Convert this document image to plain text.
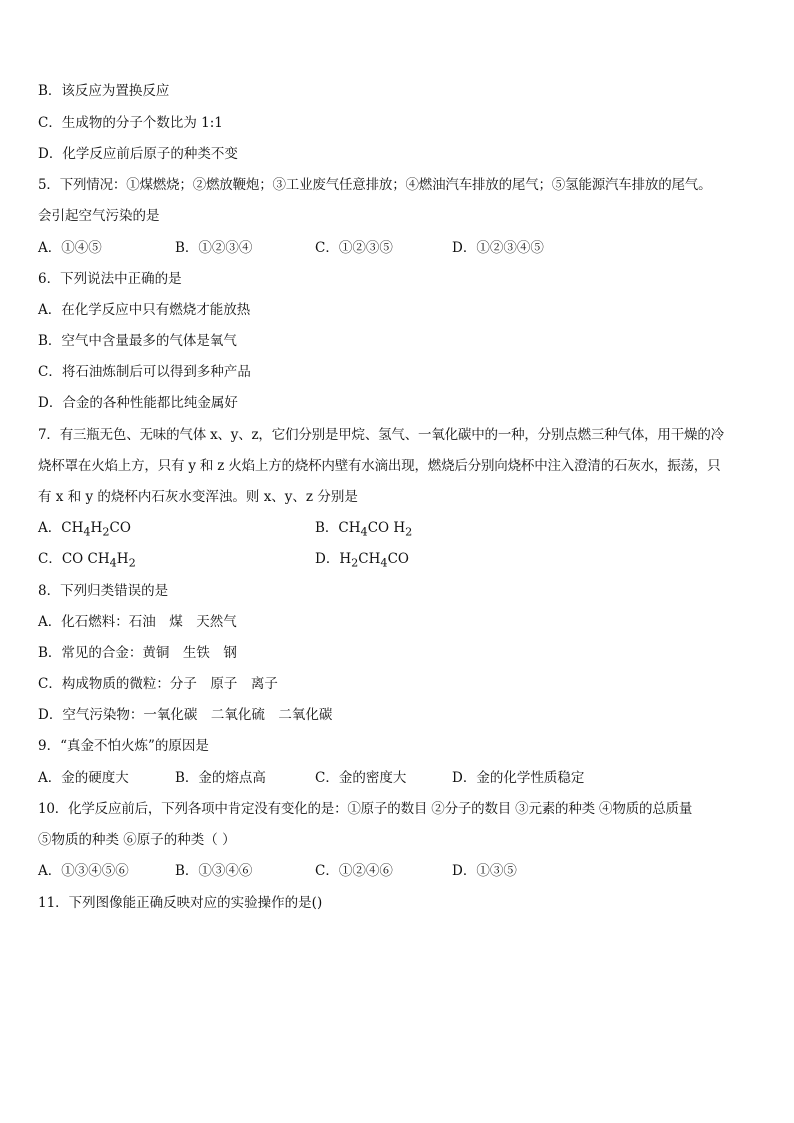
B．该反应为置换反应
C．生成物的分子个数比为 1:1
D．化学反应前后原子的种类不变
5．下列情况：①煤燃烧；②燃放鞭炮；③工业废气任意排放；④燃油汽车排放的尾气；⑤氢能源汽车排放的尾气。
会引起空气污染的是
A．①④⑤	B．①②③④	C．①②③⑤	D．①②③④⑤
6．下列说法中正确的是
A．在化学反应中只有燃烧才能放热
B．空气中含量最多的气体是氧气
C．将石油炼制后可以得到多种产品
D．合金的各种性能都比纯金属好
7．有三瓶无色、无味的气体 x、y、z，它们分别是甲烷、氢气、一氧化碳中的一种，分别点燃三种气体，用干燥的冷
烧杯罩在火焰上方，只有 y 和 z 火焰上方的烧杯内壁有水滴出现，燃烧后分别向烧杯中注入澄清的石灰水，振荡，只
有 x 和 y 的烧杯内石灰水变浑浊。则 x、y、z 分别是
A．$CH_4H_2CO$	B．$CH_4CO$ $H_2$
C．CO $CH_4H_2$	D．$H_2CH_4CO$
8．下列归类错误的是
A．化石燃料：石油　煤　天然气
B．常见的合金：黄铜　生铁　钢
C．构成物质的微粒：分子　原子　离子
D．空气污染物：一氧化碳　二氧化硫　二氧化碳
9．“真金不怕火炼”的原因是
A．金的硬度大	B．金的熔点高	C．金的密度大	D．金的化学性质稳定
10．化学反应前后，下列各项中肯定没有变化的是：①原子的数目 ②分子的数目 ③元素的种类 ④物质的总质量
⑤物质的种类 ⑥原子的种类（ ）
A．①③④⑤⑥	B．①③④⑥	C．①②④⑥	D．①③⑤
11．下列图像能正确反映对应的实验操作的是()
